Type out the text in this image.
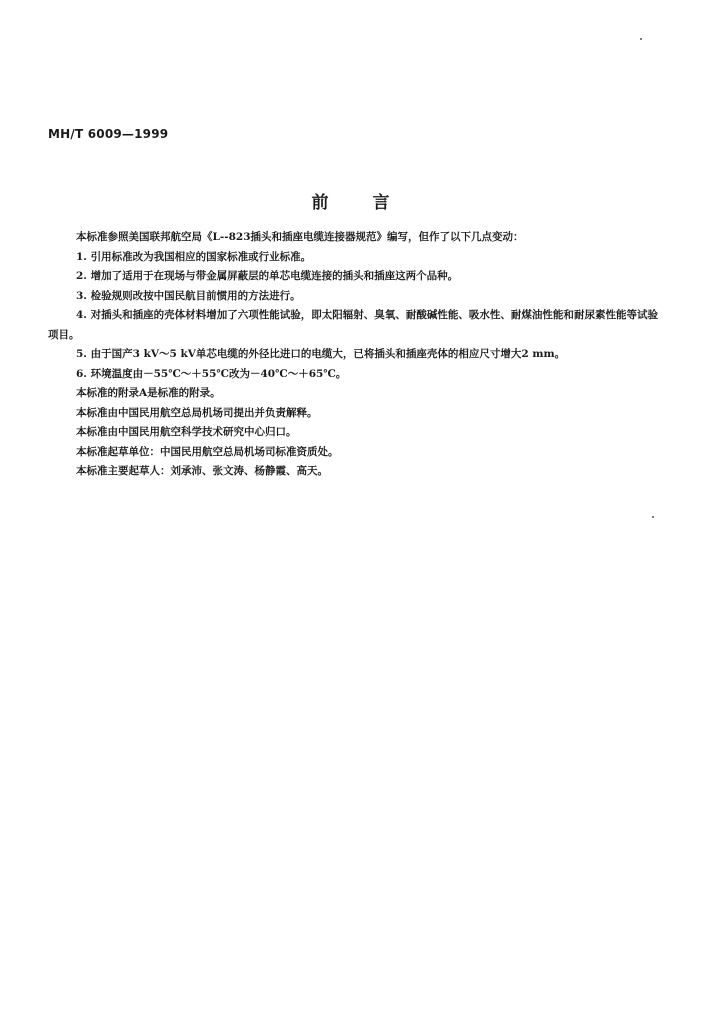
MH/T 6009—1999
前言

本标准参照美国联邦航空局《L--823插头和插座电缆连接器规范》编写，但作了以下几点变动：

1. 引用标准改为我国相应的国家标准或行业标准。

2. 增加了适用于在现场与带金属屏蔽层的单芯电缆连接的插头和插座这两个品种。

3. 检验规则改按中国民航目前惯用的方法进行。

4. 对插头和插座的壳体材料增加了六项性能试验，即太阳辐射、臭氧、耐酸碱性能、吸水性、耐煤油性能和耐尿素性能等试验项目。

5. 由于国产3 kV～5 kV单芯电缆的外径比进口的电缆大，已将插头和插座壳体的相应尺寸增大2 mm。

6. 环境温度由－55℃～＋55℃改为－40℃～＋65℃。

本标准的附录A是标准的附录。

本标准由中国民用航空总局机场司提出并负责解释。

本标准由中国民用航空科学技术研究中心归口。

本标准起草单位：中国民用航空总局机场司标准资质处。

本标准主要起草人：刘承沛、张文涛、杨静霞、高天。
